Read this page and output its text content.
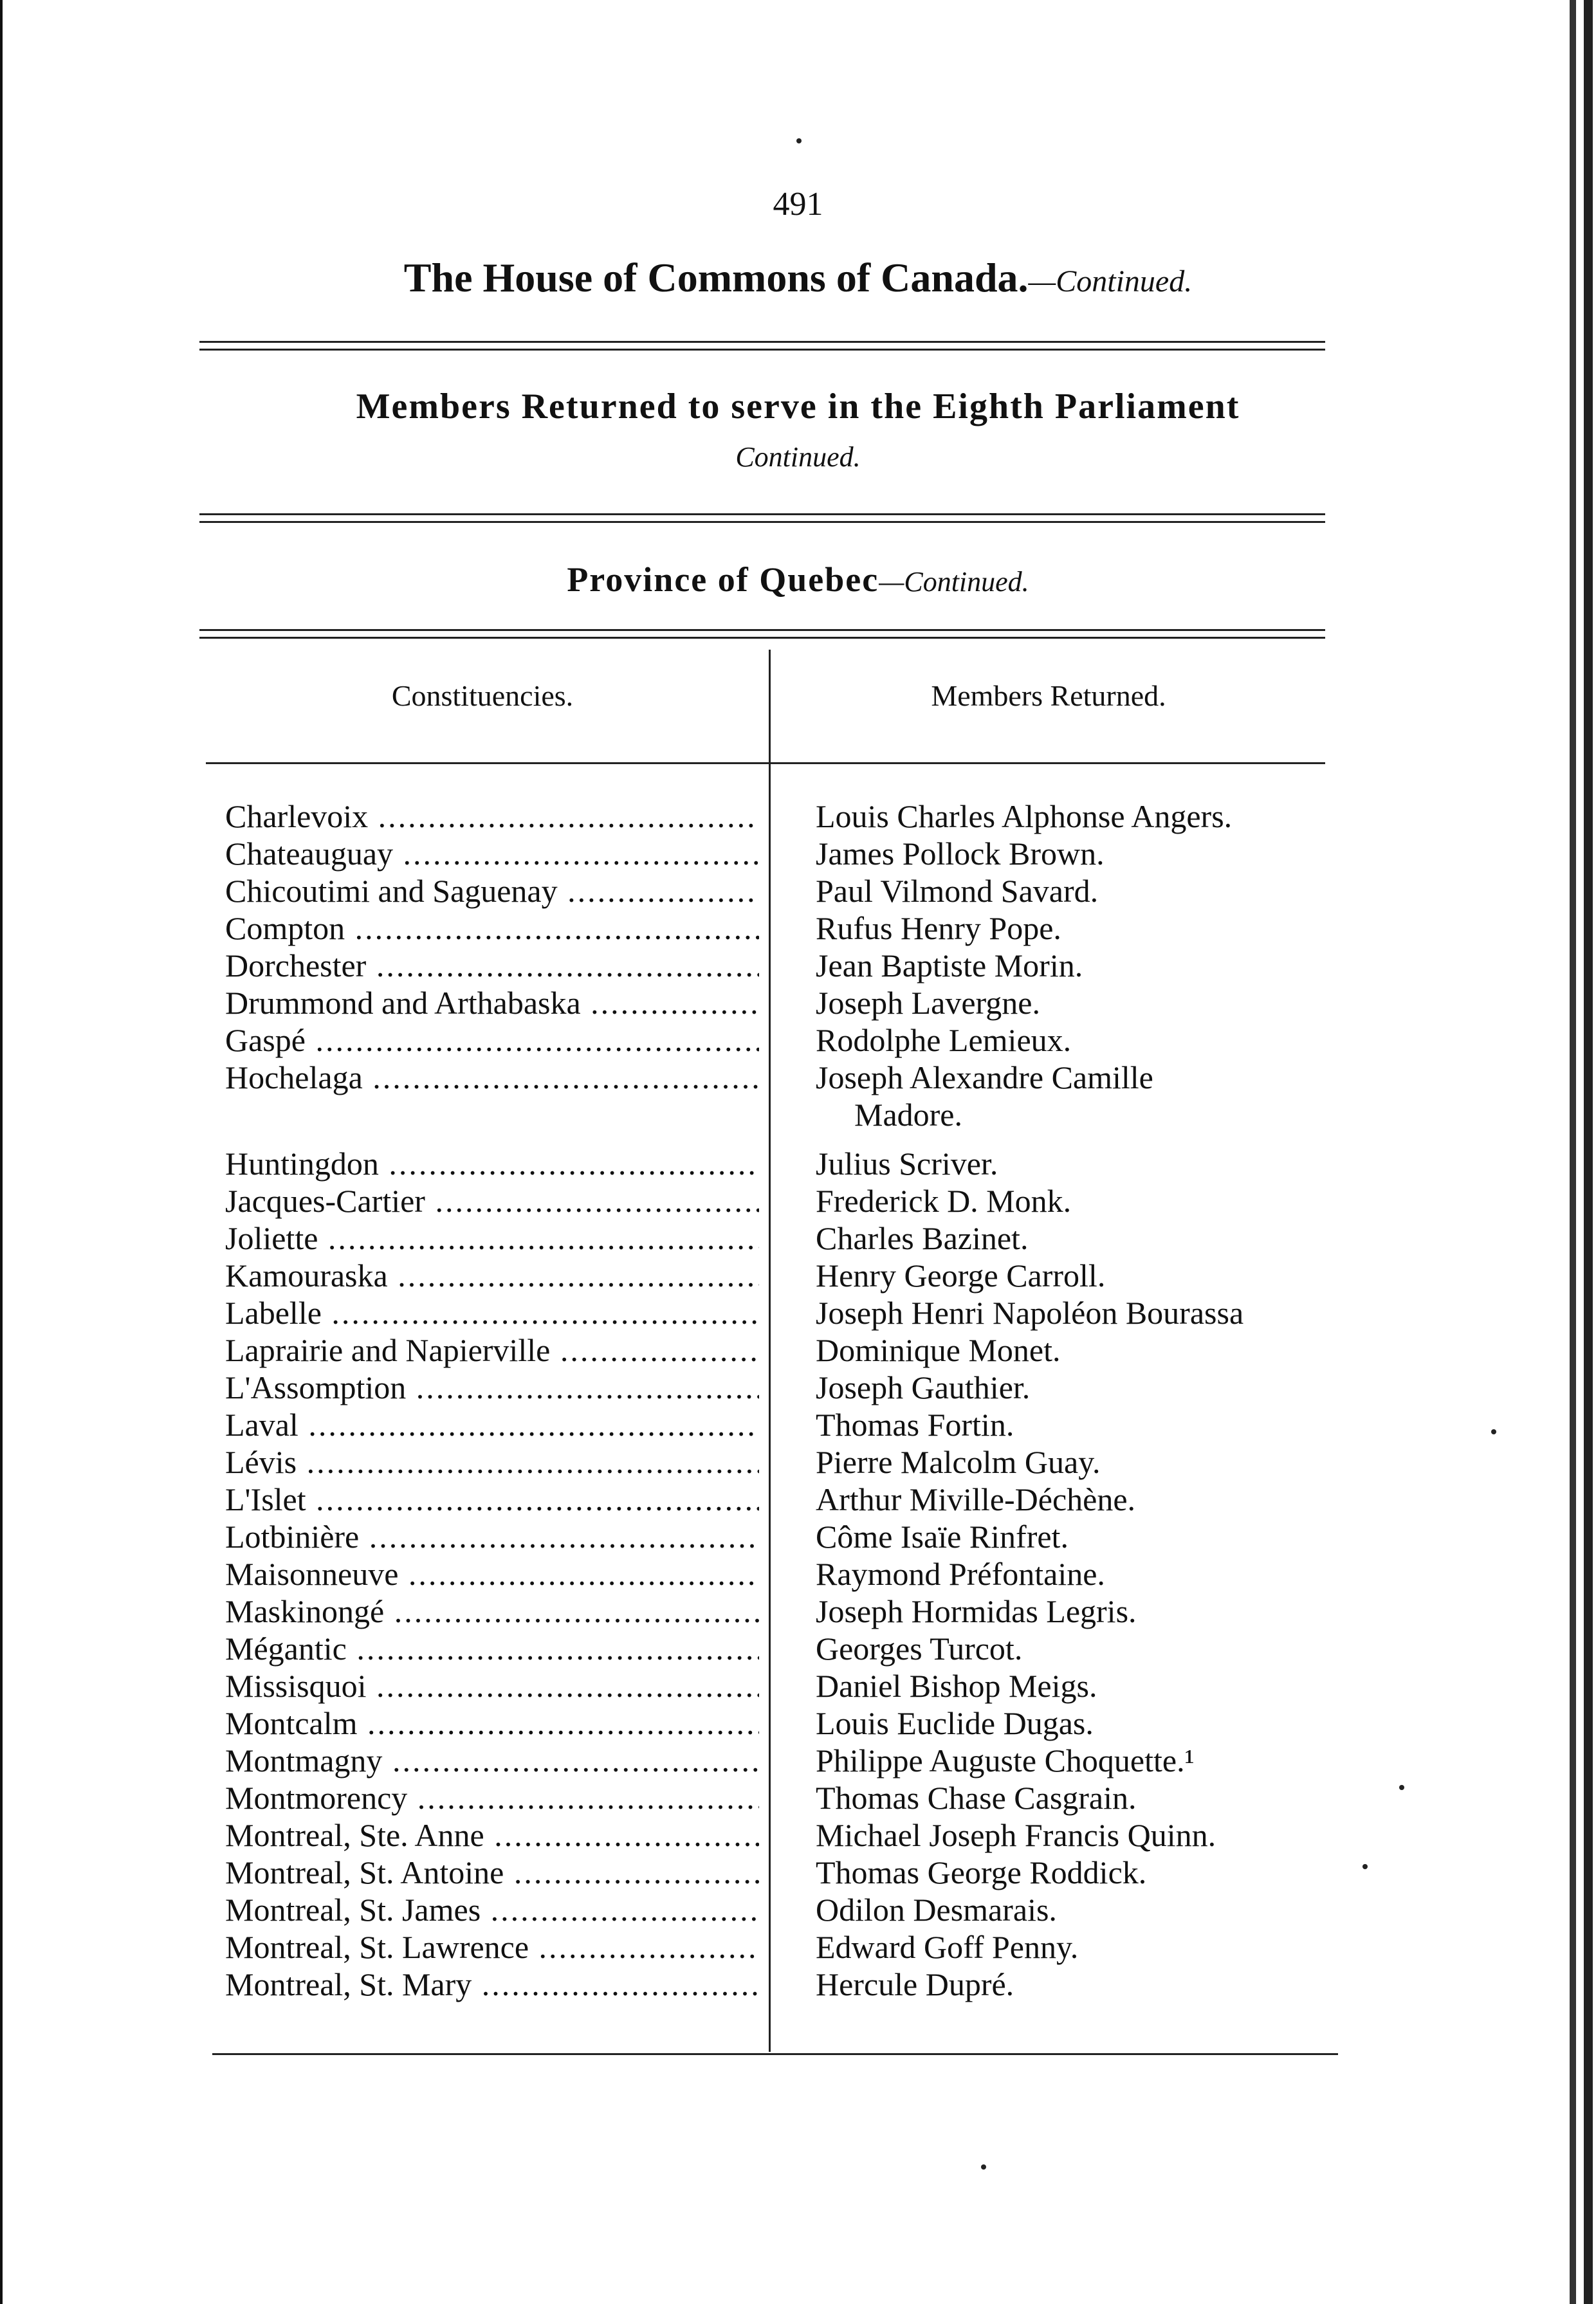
491
The House of Commons of Canada.—Continued.
Members Returned to serve in the Eighth Parliament
Continued.
Province of Quebec—Continued.
Constituencies.	Members Returned.
Charlevoix .....	Louis Charles Alphonse Angers.
Chateauguay .....	James Pollock Brown.
Chicoutimi and Saguenay .....	Paul Vilmond Savard.
Compton .....	Rufus Henry Pope.
Dorchester .....	Jean Baptiste Morin.
Drummond and Arthabaska .....	Joseph Lavergne.
Gaspé .....	Rodolphe Lemieux.
Hochelaga .....	Joseph Alexandre Camille
Madore.
Huntingdon .....	Julius Scriver.
Jacques-Cartier .....	Frederick D. Monk.
Joliette .....	Charles Bazinet.
Kamouraska .....	Henry George Carroll.
Labelle .....	Joseph Henri Napoléon Bourassa
Laprairie and Napierville .....	Dominique Monet.
L'Assomption .....	Joseph Gauthier.
Laval .....	Thomas Fortin.
Lévis .....	Pierre Malcolm Guay.
L'Islet .....	Arthur Miville-Déchène.
Lotbinière .....	Côme Isaïe Rinfret.
Maisonneuve .....	Raymond Préfontaine.
Maskinongé .....	Joseph Hormidas Legris.
Mégantic .....	Georges Turcot.
Missisquoi .....	Daniel Bishop Meigs.
Montcalm .....	Louis Euclide Dugas.
Montmagny .....	Philippe Auguste Choquette.¹
Montmorency .....	Thomas Chase Casgrain.
Montreal, Ste. Anne .....	Michael Joseph Francis Quinn.
Montreal, St. Antoine .....	Thomas George Roddick.
Montreal, St. James .....	Odilon Desmarais.
Montreal, St. Lawrence .....	Edward Goff Penny.
Montreal, St. Mary .....	Hercule Dupré.
